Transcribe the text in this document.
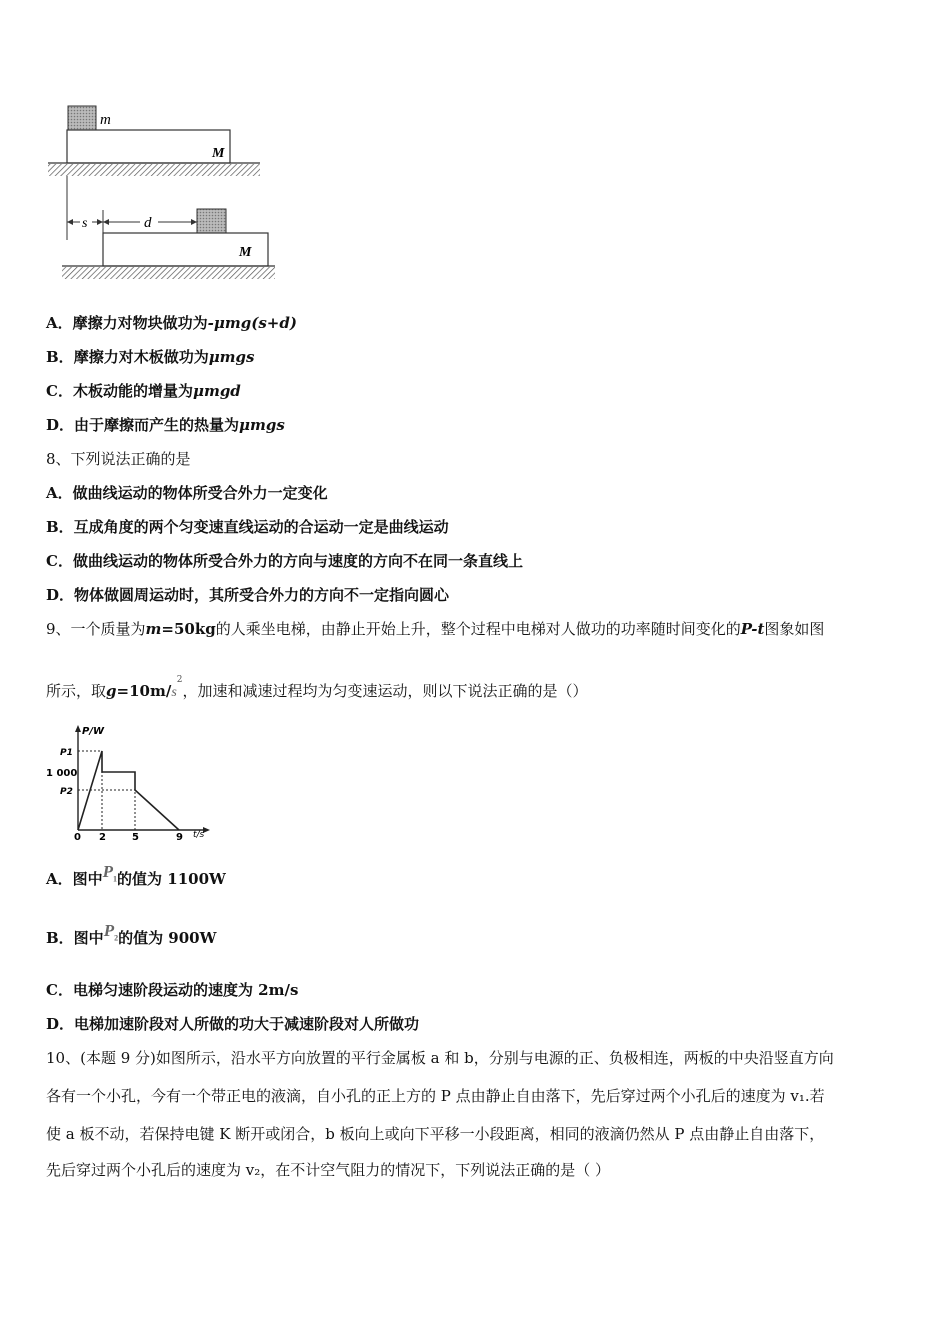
m
M
s	d
M
A．摩擦力对物块做功为-μmg(s+d)
B．摩擦力对木板做功为μmgs
C．木板动能的增量为μmgd
D．由于摩擦而产生的热量为μmgs
8、下列说法正确的是
A．做曲线运动的物体所受合外力一定变化
B．互成角度的两个匀变速直线运动的合运动一定是曲线运动
C．做曲线运动的物体所受合外力的方向与速度的方向不在同一条直线上
D．物体做圆周运动时，其所受合外力的方向不一定指向圆心
9、一个质量为m=50kg的人乘坐电梯，由静止开始上升，整个过程中电梯对人做功的功率随时间变化的P-t图象如图
所示，取$g=10m/s^2$，加速和减速过程均为匀变速运动，则以下说法正确的是（）
P/W
t/s
P1
1 000
P2
0 2	5	9
A．图中$P_1$的值为 1100W
B．图中$P_2$的值为 900W
C．电梯匀速阶段运动的速度为 2m/s
D．电梯加速阶段对人所做的功大于减速阶段对人所做功
10、(本题 9 分)如图所示，沿水平方向放置的平行金属板 a 和 b，分别与电源的正、负极相连，两板的中央沿竖直方向
各有一个小孔，今有一个带正电的液滴，自小孔的正上方的 P 点由静止自由落下，先后穿过两个小孔后的速度为 v₁.若
使 a 板不动，若保持电键 K 断开或闭合，b 板向上或向下平移一小段距离，相同的液滴仍然从 P 点由静止自由落下，
先后穿过两个小孔后的速度为 v₂，在不计空气阻力的情况下，下列说法正确的是（ ）
